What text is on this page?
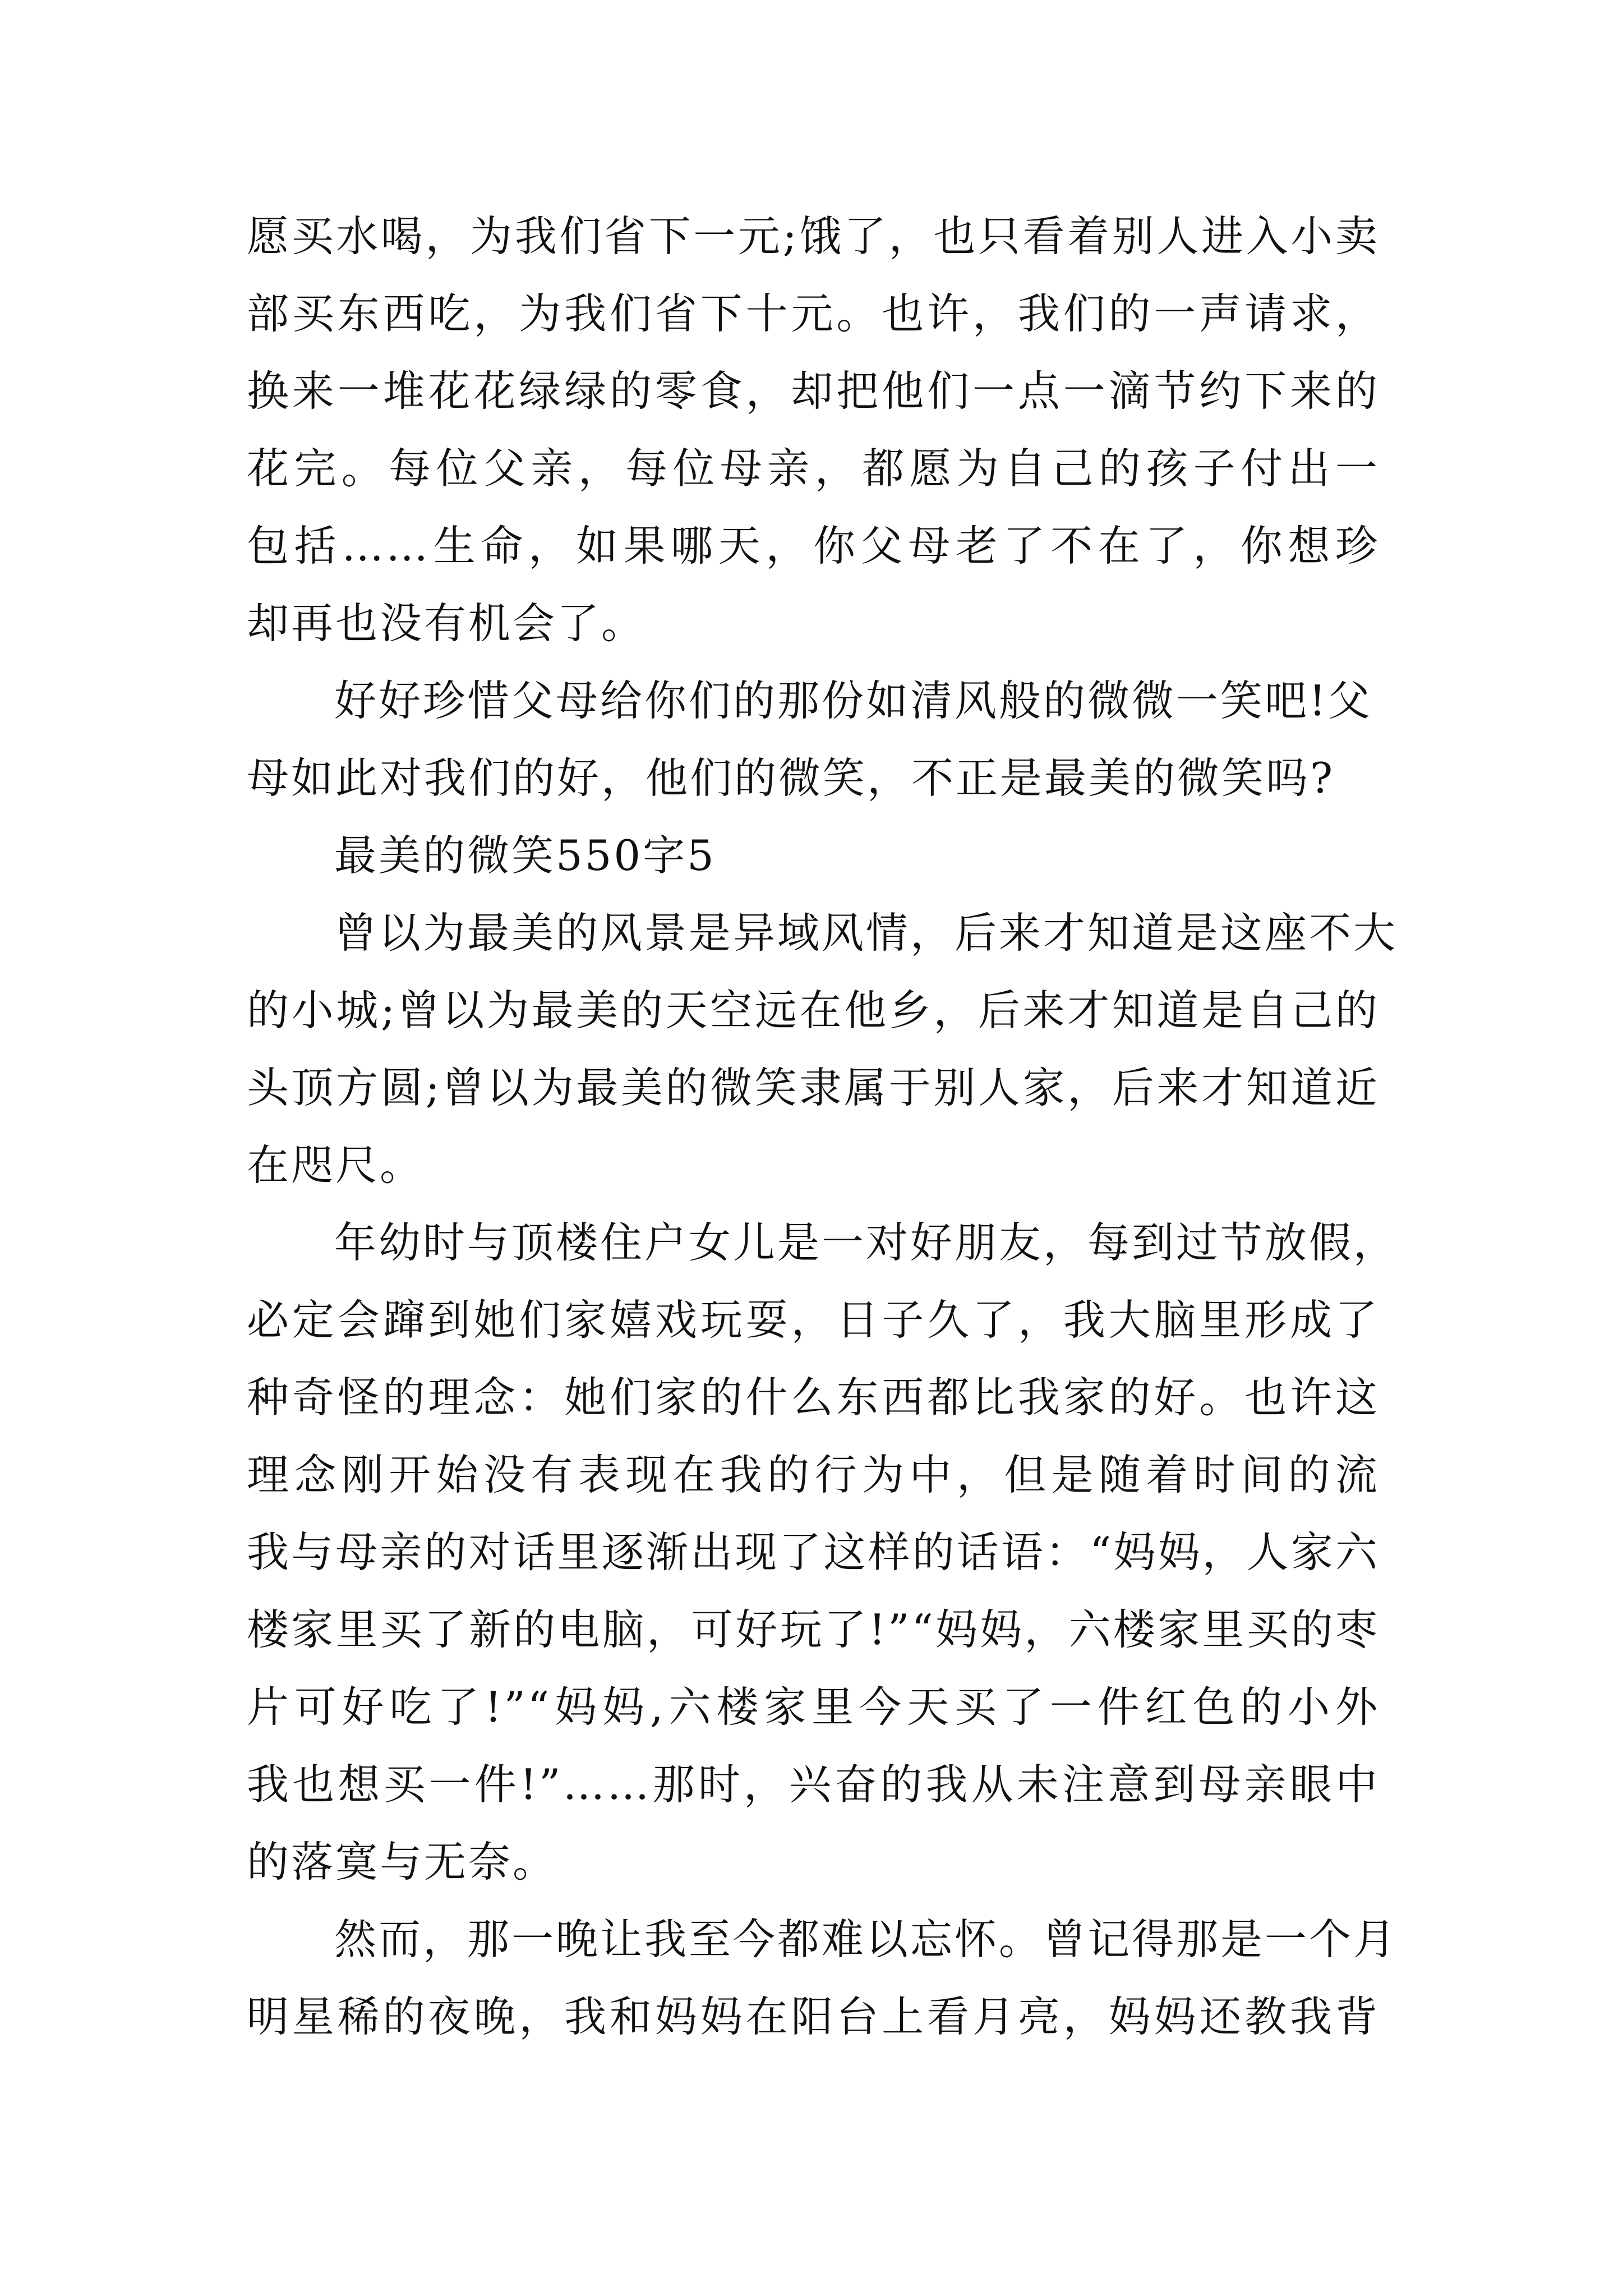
愿买水喝，为我们省下一元;饿了，也只看着别人进入小卖
部买东西吃，为我们省下十元。也许，我们的一声请求，
换来一堆花花绿绿的零食，却把他们一点一滴节约下来的
花完。每位父亲，每位母亲，都愿为自己的孩子付出一
包括……生命，如果哪天，你父母老了不在了，你想珍
却再也没有机会了。
好好珍惜父母给你们的那份如清风般的微微一笑吧!父
母如此对我们的好，他们的微笑，不正是最美的微笑吗?
最美的微笑550字5
曾以为最美的风景是异域风情，后来才知道是这座不大
的小城;曾以为最美的天空远在他乡，后来才知道是自己的
头顶方圆;曾以为最美的微笑隶属于别人家，后来才知道近
在咫尺。
年幼时与顶楼住户女儿是一对好朋友，每到过节放假，
必定会蹿到她们家嬉戏玩耍，日子久了，我大脑里形成了
种奇怪的理念：她们家的什么东西都比我家的好。也许这
理念刚开始没有表现在我的行为中，但是随着时间的流
我与母亲的对话里逐渐出现了这样的话语：“妈妈，人家六
楼家里买了新的电脑，可好玩了!”“妈妈，六楼家里买的枣
片可好吃了!”“妈妈,六楼家里今天买了一件红色的小外
我也想买一件!”……那时，兴奋的我从未注意到母亲眼中
的落寞与无奈。
然而，那一晚让我至今都难以忘怀。曾记得那是一个月
明星稀的夜晚，我和妈妈在阳台上看月亮，妈妈还教我背
